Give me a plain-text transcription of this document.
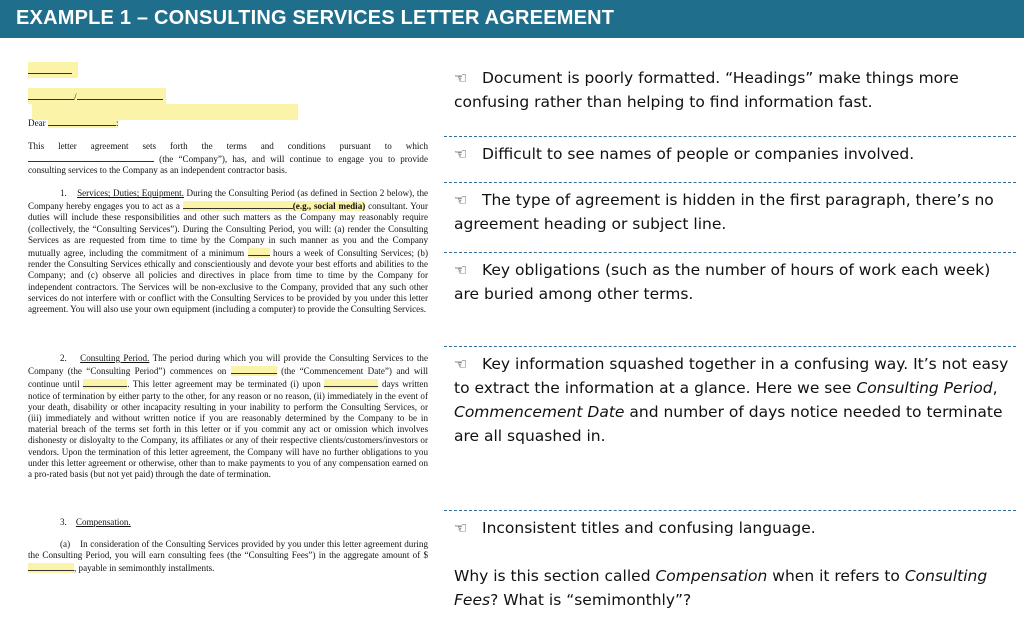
EXAMPLE 1 – CONSULTING SERVICES LETTER AGREEMENT
/
Dear	:

This letter agreement sets forth the terms and conditions pursuant to which  (the “Company”), has, and will continue to engage you to provide consulting services to the Company as an independent contractor basis.

1. Services; Duties; Equipment. During the Consulting Period (as defined in Section 2 below), the Company hereby engages you to act as a	(e.g., social media) consultant. Your duties will include these responsibilities and other such matters as the Company may reasonably require (collectively, the “Consulting Services”). During the Consulting Period, you will: (a) render the Consulting Services as are requested from time to time by the Company in such manner as you and the Company mutually agree, including the commitment of a minimum	hours a week of Consulting Services; (b) render the Consulting Services ethically and conscientiously and devote your best efforts and abilities to the Company; and (c) observe all policies and directives in place from time to time by the Company for independent contractors. The Services will be non-exclusive to the Company, provided that any such other services do not interfere with or conflict with the Consulting Services to be provided by you under this letter agreement. You will also use your own equipment (including a computer) to provide the Consulting Services.

2. Consulting Period. The period during which you will provide the Consulting Services to the Company (the “Consulting Period”) commences on	(the “Commencement Date”) and will continue until	. This letter agreement may be terminated (i) upon	days written notice of termination by either party to the other, for any reason or no reason, (ii) immediately in the event of your death, disability or other incapacity resulting in your inability to perform the Consulting Services, or (iii) immediately and without written notice if you are reasonably determined by the Company to be in material breach of the terms set forth in this letter or if you commit any act or omission which involves dishonesty or disloyalty to the Company, its affiliates or any of their respective clients/customers/investors or vendors. Upon the termination of this letter agreement, the Company will have no further obligations to you under this letter agreement or otherwise, other than to make payments to you of any compensation earned on a pro-rated basis (but not yet paid) through the date of termination.

3. Compensation.

(a) In consideration of the Consulting Services provided by you under this letter agreement during the Consulting Period, you will earn consulting fees (the “Consulting Fees”) in the aggregate amount of $, payable in semimonthly installments.

☜ Document is poorly formatted. “Headings” make things more confusing rather than helping to find information fast.
☜ Difficult to see names of people or companies involved.
☜ The type of agreement is hidden in the first paragraph, there’s no agreement heading or subject line.
☜ Key obligations (such as the number of hours of work each week) are buried among other terms.
☜ Key information squashed together in a confusing way. It’s not easy to extract the information at a glance. Here we see Consulting Period, Commencement Date and number of days notice needed to terminate are all squashed in.
☜ Inconsistent titles and confusing language.
Why is this section called Compensation when it refers to Consulting Fees? What is “semimonthly”?
